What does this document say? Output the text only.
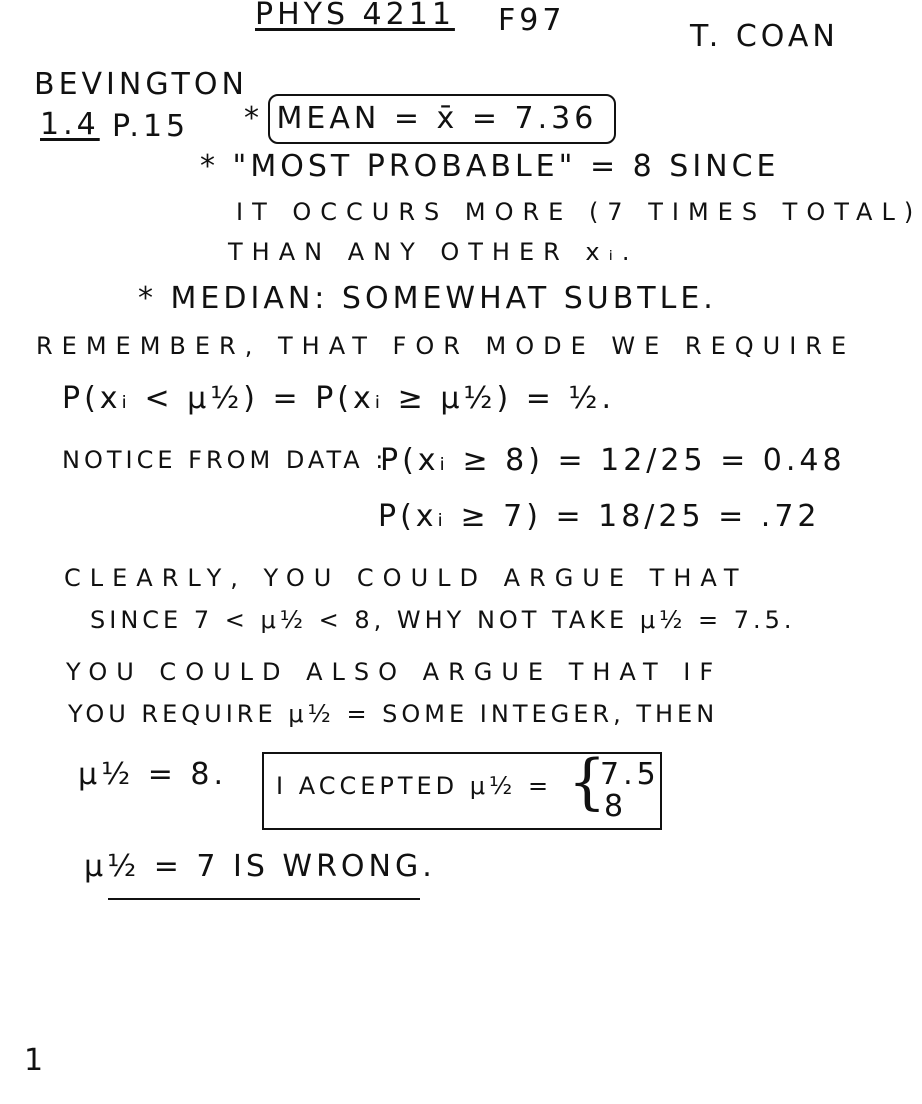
PHYS 4211 F97	T. COAN
BEVINGTON
1.4 P.15 * MEAN = x̄ = 7.36
* "MOST PROBABLE" = 8 SINCE
IT OCCURS MORE (7 TIMES TOTAL)
THAN ANY OTHER xᵢ.
* MEDIAN: SOMEWHAT SUBTLE.
REMEMBER, THAT FOR MODE WE REQUIRE
P(xᵢ < μ½) = P(xᵢ ≥ μ½) = ½.
NOTICE FROM DATA :
P(xᵢ ≥ 8) = 12/25 = 0.48
P(xᵢ ≥ 7) = 18/25 = .72
CLEARLY, YOU COULD ARGUE THAT
SINCE 7 < μ½ < 8, WHY NOT TAKE μ½ = 7.5.
YOU COULD ALSO ARGUE THAT IF
YOU REQUIRE μ½ = SOME INTEGER, THEN
μ½ = 8. I ACCEPTED μ½ = {
7.5
8
μ½ = 7 IS WRONG.
1
